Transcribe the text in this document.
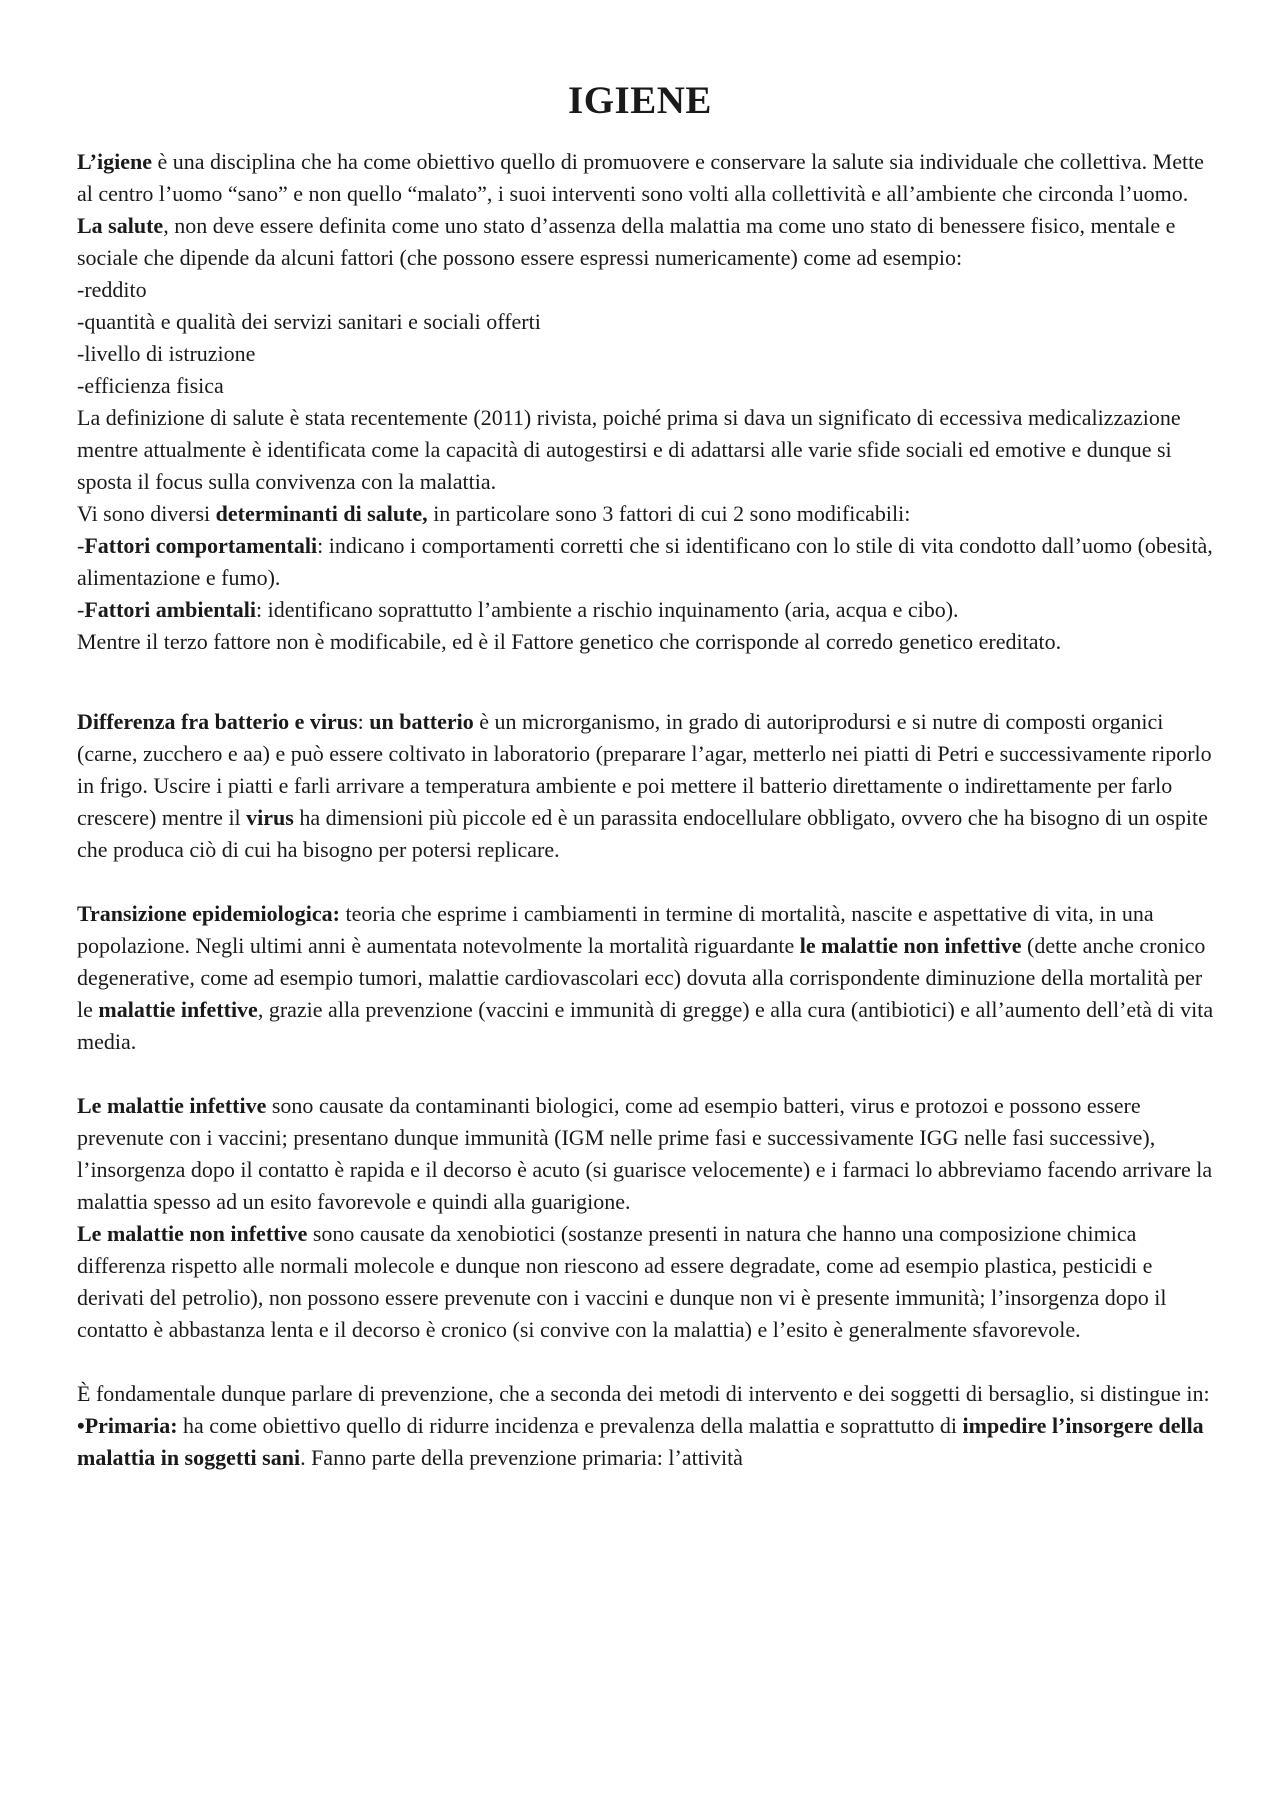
IGIENE

L’igiene è una disciplina che ha come obiettivo quello di promuovere e conservare la salute sia individuale che collettiva. Mette al centro l’uomo “sano” e non quello “malato”, i suoi interventi sono volti alla collettività e all’ambiente che circonda l’uomo.

La salute, non deve essere definita come uno stato d’assenza della malattia ma come uno stato di benessere fisico, mentale e sociale che dipende da alcuni fattori (che possono essere espressi numericamente) come ad esempio:

-reddito

-quantità e qualità dei servizi sanitari e sociali offerti

-livello di istruzione

-efficienza fisica

La definizione di salute è stata recentemente (2011) rivista, poiché prima si dava un significato di eccessiva medicalizzazione mentre attualmente è identificata come la capacità di autogestirsi e di adattarsi alle varie sfide sociali ed emotive e dunque si sposta il focus sulla convivenza con la malattia.

Vi sono diversi determinanti di salute, in particolare sono 3 fattori di cui 2 sono modificabili:

-Fattori comportamentali: indicano i comportamenti corretti che si identificano con lo stile di vita condotto dall’uomo (obesità, alimentazione e fumo).

-Fattori ambientali: identificano soprattutto l’ambiente a rischio inquinamento (aria, acqua e cibo).

Mentre il terzo fattore non è modificabile, ed è il Fattore genetico che corrisponde al corredo genetico ereditato.

Differenza fra batterio e virus: un batterio è un microrganismo, in grado di autoriprodursi e si nutre di composti organici (carne, zucchero e aa) e può essere coltivato in laboratorio (preparare l’agar, metterlo nei piatti di Petri e successivamente riporlo in frigo. Uscire i piatti e farli arrivare a temperatura ambiente e poi mettere il batterio direttamente o indirettamente per farlo crescere) mentre il virus ha dimensioni più piccole ed è un parassita endocellulare obbligato, ovvero che ha bisogno di un ospite che produca ciò di cui ha bisogno per potersi replicare.

Transizione epidemiologica: teoria che esprime i cambiamenti in termine di mortalità, nascite e aspettative di vita, in una popolazione. Negli ultimi anni è aumentata notevolmente la mortalità riguardante le malattie non infettive (dette anche cronico degenerative, come ad esempio tumori, malattie cardiovascolari ecc) dovuta alla corrispondente diminuzione della mortalità per le malattie infettive, grazie alla prevenzione (vaccini e immunità di gregge) e alla cura (antibiotici) e all’aumento dell’età di vita media.

Le malattie infettive sono causate da contaminanti biologici, come ad esempio batteri, virus e protozoi e possono essere prevenute con i vaccini; presentano dunque immunità (IGM nelle prime fasi e successivamente IGG nelle fasi successive), l’insorgenza dopo il contatto è rapida e il decorso è acuto (si guarisce velocemente) e i farmaci lo abbreviamo facendo arrivare la malattia spesso ad un esito favorevole e quindi alla guarigione.

Le malattie non infettive sono causate da xenobiotici (sostanze presenti in natura che hanno una composizione chimica differenza rispetto alle normali molecole e dunque non riescono ad essere degradate, come ad esempio plastica, pesticidi e derivati del petrolio), non possono essere prevenute con i vaccini e dunque non vi è presente immunità; l’insorgenza dopo il contatto è abbastanza lenta e il decorso è cronico (si convive con la malattia) e l’esito è generalmente sfavorevole.

È fondamentale dunque parlare di prevenzione, che a seconda dei metodi di intervento e dei soggetti di bersaglio, si distingue in:

•Primaria: ha come obiettivo quello di ridurre incidenza e prevalenza della malattia e soprattutto di impedire l’insorgere della malattia in soggetti sani. Fanno parte della prevenzione primaria: l’attività
